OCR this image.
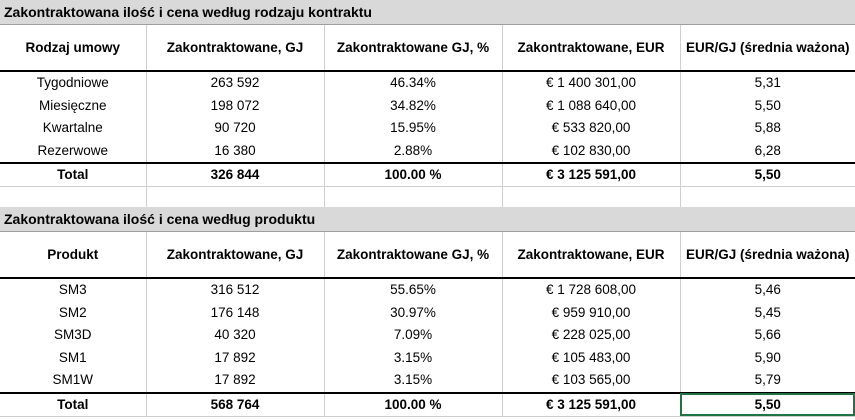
Zakontraktowana ilość i cena według rodzaju kontraktu
Rodzaj umowy	Zakontraktowane, GJ	Zakontraktowane GJ, %	Zakontraktowane, EUR	EUR/GJ (średnia ważona)
Tygodniowe	263 592	46.34%	€ 1 400 301,00	5,31
Miesięczne	198 072	34.82%	€ 1 088 640,00	5,50
Kwartalne	90 720	15.95%	€ 533 820,00	5,88
Rezerwowe	16 380	2.88%	€ 102 830,00	6,28
Total	326 844	100.00 %	€ 3 125 591,00	5,50

Zakontraktowana ilość i cena według produktu
Produkt	Zakontraktowane, GJ	Zakontraktowane GJ, %	Zakontraktowane, EUR	EUR/GJ (średnia ważona)
SM3	316 512	55.65%	€ 1 728 608,00	5,46
SM2	176 148	30.97%	€ 959 910,00	5,45
SM3D	40 320	7.09%	€ 228 025,00	5,66
SM1	17 892	3.15%	€ 105 483,00	5,90
SM1W	17 892	3.15%	€ 103 565,00	5,79
Total	568 764	100.00 %	€ 3 125 591,00	5,50
